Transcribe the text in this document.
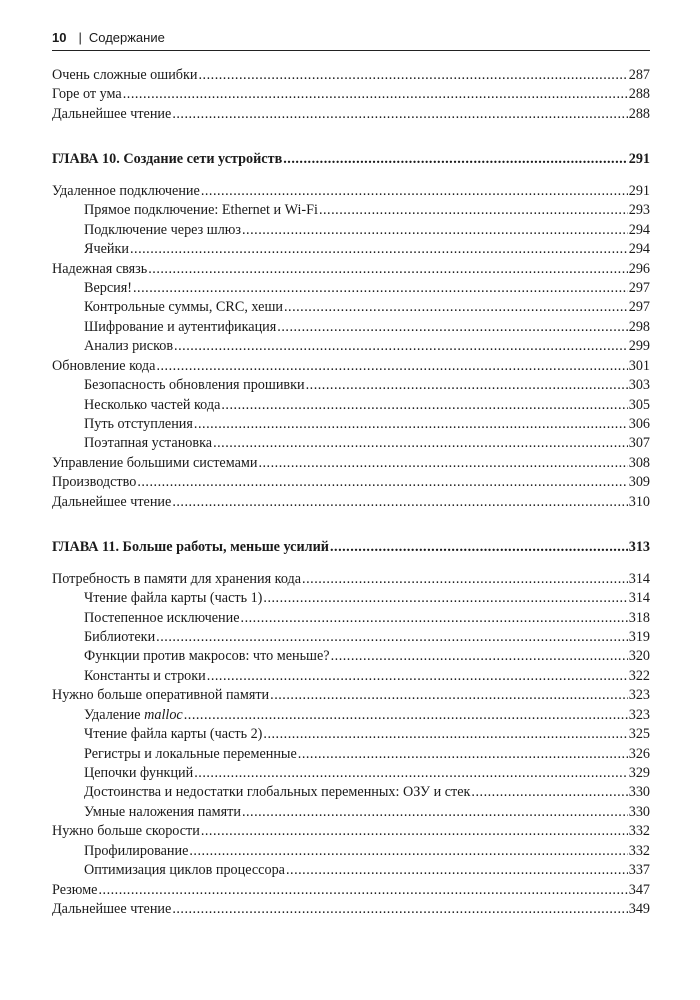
10 | Содержание
Очень сложные ошибки .....	287
Горе от ума .....	288
Дальнейшее чтение .....	288
ГЛАВА 10. Создание сети устройств .....	291
Удаленное подключение .....	291
Прямое подключение: Ethernet и Wi-Fi .....	293
Подключение через шлюз .....	294
Ячейки .....	294
Надежная связь .....	296
Версия! .....	297
Контрольные суммы, CRC, хеши .....	297
Шифрование и аутентификация .....	298
Анализ рисков .....	299
Обновление кода .....	301
Безопасность обновления прошивки .....	303
Несколько частей кода .....	305
Путь отступления .....	306
Поэтапная установка .....	307
Управление большими системами .....	308
Производство .....	309
Дальнейшее чтение .....	310
ГЛАВА 11. Больше работы, меньше усилий .....	313
Потребность в памяти для хранения кода .....	314
Чтение файла карты (часть 1) .....	314
Постепенное исключение .....	318
Библиотеки .....	319
Функции против макросов: что меньше? .....	320
Константы и строки .....	322
Нужно больше оперативной памяти .....	323
Удаление malloc .....	323
Чтение файла карты (часть 2) .....	325
Регистры и локальные переменные .....	326
Цепочки функций .....	329
Достоинства и недостатки глобальных переменных: ОЗУ и стек .....	330
Умные наложения памяти .....	330
Нужно больше скорости .....	332
Профилирование .....	332
Оптимизация циклов процессора .....	337
Резюме .....	347
Дальнейшее чтение .....	349
